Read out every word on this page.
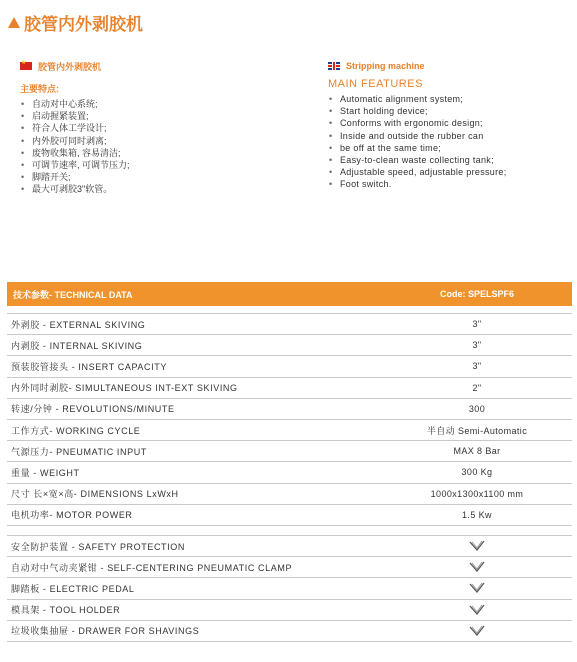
胶管内外剥胶机
★
胶管内外剥胶机
主要特点:
• 自动对中心系统;
• 启动握紧装置;
• 符合人体工学设计;
• 内外胶可同时剥离;
• 废物收集箱, 容易清洁;
• 可调节速率, 可调节压力;
• 脚踏开关;
• 最大可剥胶3"软管。
Stripping machine
MAIN FEATURES
• Automatic alignment system;
• Start holding device;
• Conforms with ergonomic design;
• Inside and outside the rubber can
• be off at the same time;
• Easy-to-clean waste collecting tank;
• Adjustable speed, adjustable pressure;
• Foot switch.
技术参数- TECHNICAL DATA	Code: SPELSPF6
外剥胶 - EXTERNAL SKIVING	3"
内剥胶 - INTERNAL SKIVING	3"
预装胶管接头 - INSERT CAPACITY	3"
内外同时剥胶- SIMULTANEOUS INT-EXT SKIVING	2"
转速/分钟 - REVOLUTIONS/MINUTE	300
工作方式- WORKING CYCLE	半自动 Semi-Automatic
气源压力- PNEUMATIC INPUT	MAX 8 Bar
重量 - WEIGHT	300 Kg
尺寸 长×宽×高- DIMENSIONS LxWxH	1000x1300x1100 mm
电机功率- MOTOR POWER	1.5 Kw
安全防护装置 - SAFETY PROTECTION
自动对中气动夹紧钳 - SELF-CENTERING PNEUMATIC CLAMP
脚踏板 - ELECTRIC PEDAL
模具架 - TOOL HOLDER
垃圾收集抽屉 - DRAWER FOR SHAVINGS
